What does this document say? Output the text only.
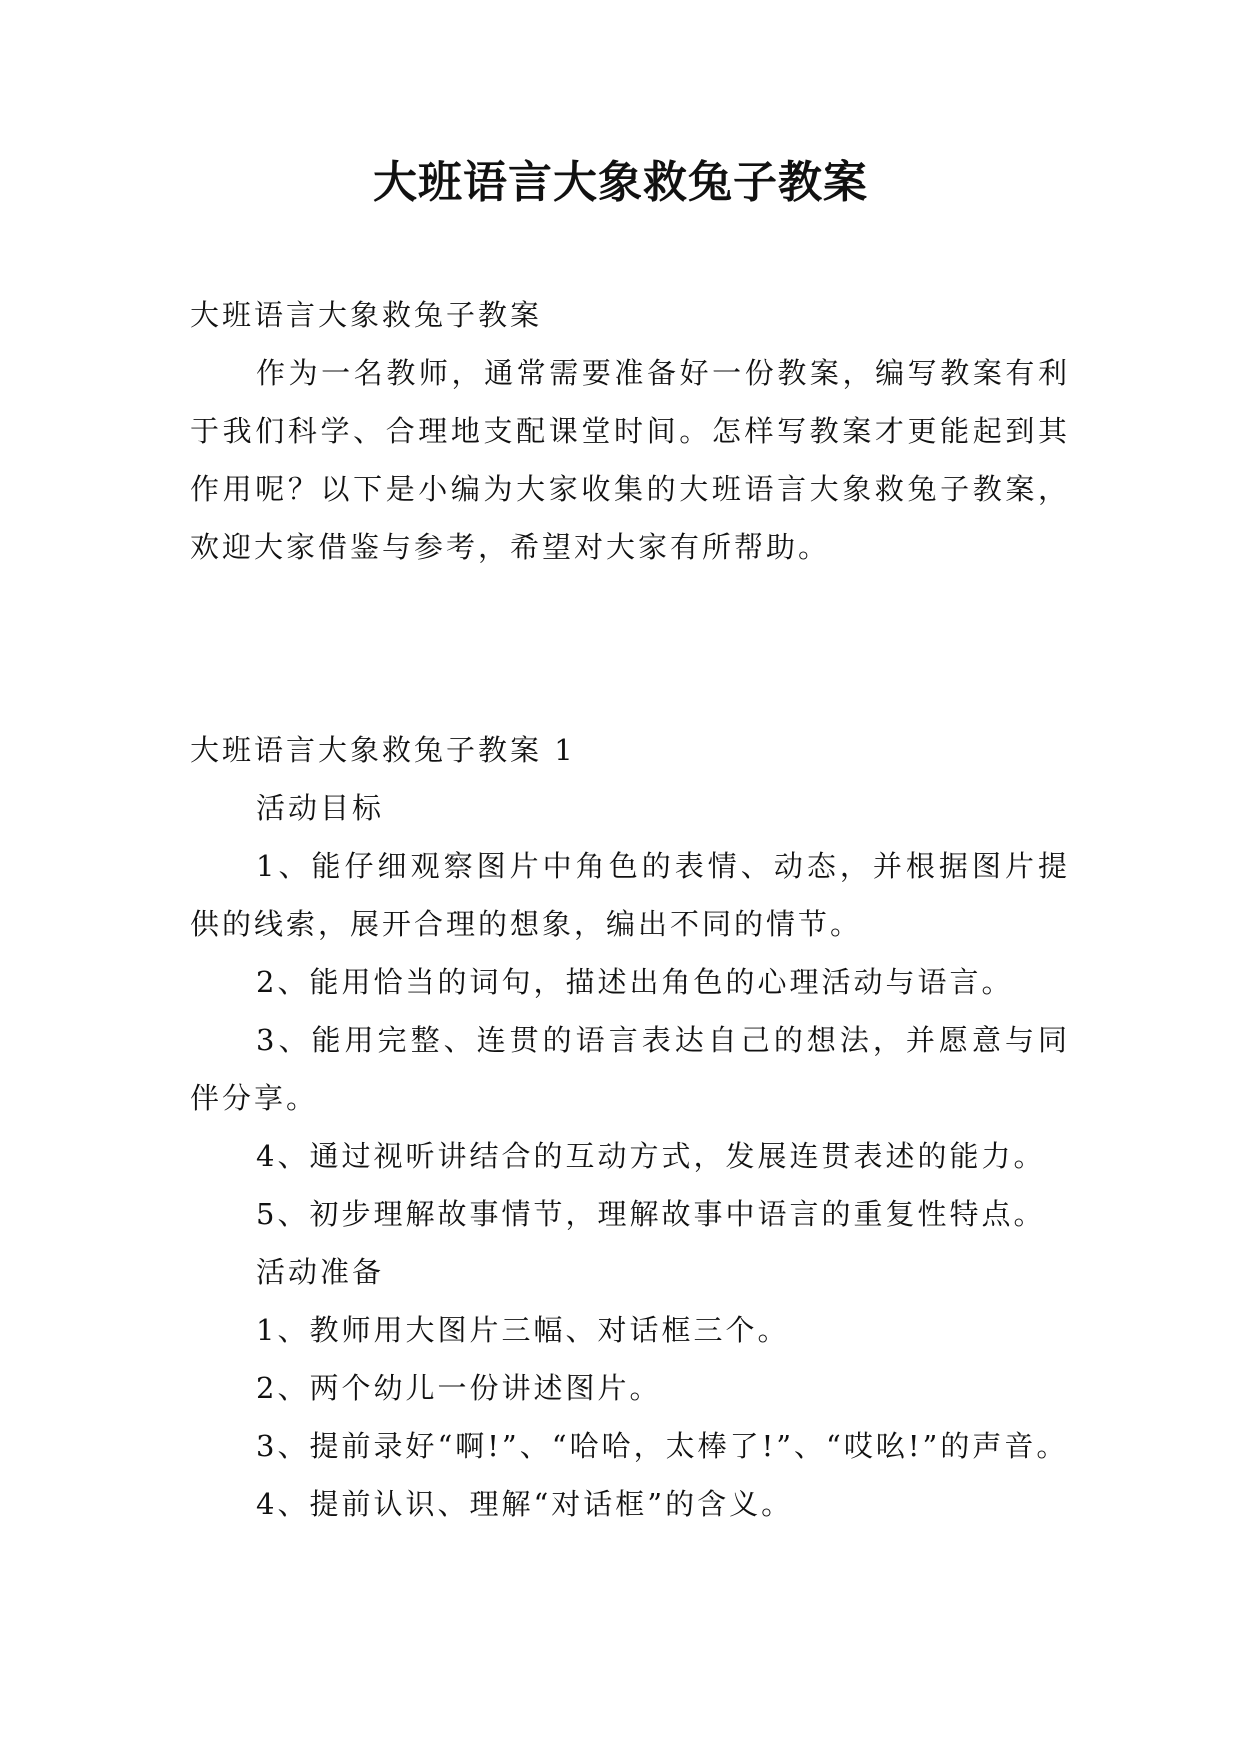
大班语言大象救兔子教案

大班语言大象救兔子教案

作为一名教师，通常需要准备好一份教案，编写教案有利于我们科学、合理地支配课堂时间。怎样写教案才更能起到其作用呢？以下是小编为大家收集的大班语言大象救兔子教案，欢迎大家借鉴与参考，希望对大家有所帮助。

大班语言大象救兔子教案 1

活动目标

1、能仔细观察图片中角色的表情、动态，并根据图片提供的线索，展开合理的想象，编出不同的情节。

2、能用恰当的词句，描述出角色的心理活动与语言。

3、能用完整、连贯的语言表达自己的想法，并愿意与同伴分享。

4、通过视听讲结合的互动方式，发展连贯表述的能力。

5、初步理解故事情节，理解故事中语言的重复性特点。

活动准备

1、教师用大图片三幅、对话框三个。

2、两个幼儿一份讲述图片。

3、提前录好“啊!”、“哈哈，太棒了!”、“哎吆!”的声音。

4、提前认识、理解“对话框”的含义。
